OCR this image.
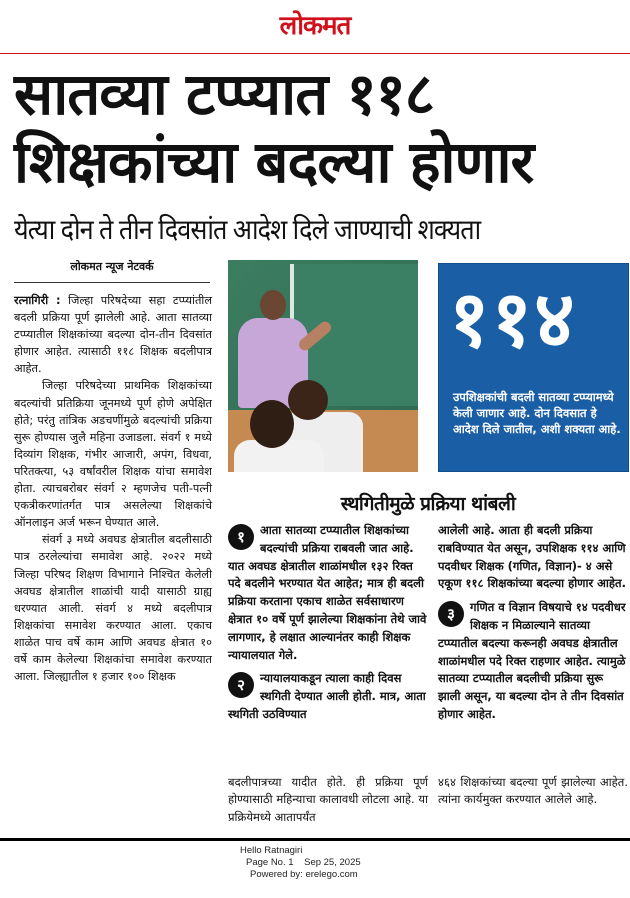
लोकमत
सातव्या टप्प्यात ११८
शिक्षकांच्या बदल्या होणार
येत्या दोन ते तीन दिवसांत आदेश दिले जाण्याची शक्यता
लोकमत न्यूज नेटवर्क

रत्नागिरी : जिल्हा परिषदेच्या सहा टप्प्यांतील बदली प्रक्रिया पूर्ण झालेली आहे. आता सातव्या टप्प्यातील शिक्षकांच्या बदल्या दोन-तीन दिवसांत होणार आहेत. त्यासाठी ११८ शिक्षक बदलीपात्र आहेत.

जिल्हा परिषदेच्या प्राथमिक शिक्षकांच्या बदल्यांची प्रतिक्रिया जूनमध्ये पूर्ण होणे अपेक्षित होते; परंतु तांत्रिक अडचणींमुळे बदल्यांची प्रक्रिया सुरू होण्यास जुलै महिना उजाडला. संवर्ग १ मध्ये दिव्यांग शिक्षक, गंभीर आजारी, अपंग, विधवा, परितक्त्या, ५३ वर्षांवरील शिक्षक यांचा समावेश होता. त्याचबरोबर संवर्ग २ म्हणजेच पती-पत्नी एकत्रीकरणांतर्गत पात्र असलेल्या शिक्षकांचे ऑनलाइन अर्ज भरून घेण्यात आले.

संवर्ग ३ मध्ये अवघड क्षेत्रातील बदलीसाठी पात्र ठरलेल्यांचा समावेश आहे. २०२२ मध्ये जिल्हा परिषद शिक्षण विभागाने निश्चित केलेली अवघड क्षेत्रातील शाळांची यादी यासाठी ग्राह्य धरण्यात आली. संवर्ग ४ मध्ये बदलीपात्र शिक्षकांचा समावेश करण्यात आला. एकाच शाळेत पाच वर्षे काम आणि अवघड क्षेत्रात १० वर्षे काम केलेल्या शिक्षकांचा समावेश करण्यात आला. जिल्ह्यातील १ हजार १०० शिक्षक

११४
उपशिक्षकांची बदली सातव्या टप्प्यामध्ये केली जाणार आहे. दोन दिवसात हे आदेश दिले जातील, अशी शक्यता आहे.
स्थगितीमुळे प्रक्रिया थांबली

१	आता सातव्या टप्प्यातील शिक्षकांच्या बदल्यांची प्रक्रिया राबवली जात आहे. यात अवघड क्षेत्रातील शाळांमधील १३२ रिक्त पदे बदलीने भरण्यात येत आहेत; मात्र ही बदली प्रक्रिया करताना एकाच शाळेत सर्वसाधारण क्षेत्रात १० वर्षे पूर्ण झालेल्या शिक्षकांना तेथे जावे लागणार, हे लक्षात आल्यानंतर काही शिक्षक न्यायालयात गेले.

२	न्यायालयाकडून त्याला काही दिवस स्थगिती देण्यात आली होती. मात्र, आता स्थगिती उठविण्यात

आलेली आहे. आता ही बदली प्रक्रिया राबविण्यात येत असून, उपशिक्षक ११४ आणि पदवीधर शिक्षक (गणित, विज्ञान)- ४ असे एकूण ११८ शिक्षकांच्या बदल्या होणार आहेत.

३	गणित व विज्ञान विषयाचे १४ पदवीधर शिक्षक न मिळाल्याने सातव्या टप्प्यातील बदल्या करूनही अवघड क्षेत्रातील शाळांमधील पदे रिक्त राहणार आहेत. त्यामुळे सातव्या टप्प्यातील बदलीची प्रक्रिया सुरू झाली असून, या बदल्या दोन ते तीन दिवसांत होणार आहेत.

बदलीपात्रच्या यादीत होते. ही प्रक्रिया पूर्ण होण्यासाठी महिन्याचा कालावधी लोटला आहे. या प्रक्रियेमध्ये आतापर्यंत

४६४ शिक्षकांच्या बदल्या पूर्ण झालेल्या आहेत. त्यांना कार्यमुक्त करण्यात आलेले आहे.

Hello Ratnagiri
Page No. 1 Sep 25, 2025
Powered by: erelego.com
